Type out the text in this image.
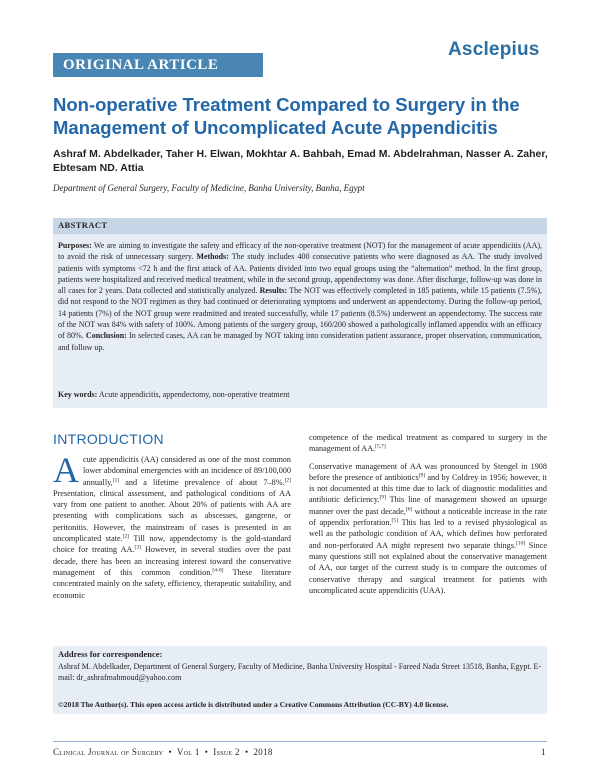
ORIGINAL ARTICLE
Asclepius
Non-operative Treatment Compared to Surgery in the Management of Uncomplicated Acute Appendicitis
Ashraf M. Abdelkader, Taher H. Elwan, Mokhtar A. Bahbah, Emad M. Abdelrahman, Nasser A. Zaher, Ebtesam ND. Attia
Department of General Surgery, Faculty of Medicine, Banha University, Banha, Egypt
ABSTRACT
Purposes: We are aiming to investigate the safety and efficacy of the non-operative treatment (NOT) for the management of acute appendicitis (AA), to avoid the risk of unnecessary surgery. Methods: The study includes 400 consecutive patients who were diagnosed as AA. The study involved patients with symptoms <72 h and the first attack of AA. Patients divided into two equal groups using the “alternation” method. In the first group, patients were hospitalized and received medical treatment, while in the second group, appendectomy was done. After discharge, follow-up was done in all cases for 2 years. Data collected and statistically analyzed. Results: The NOT was effectively completed in 185 patients, while 15 patients (7.5%), did not respond to the NOT regimen as they had continued or deteriorating symptoms and underwent an appendectomy. During the follow-up period, 14 patients (7%) of the NOT group were readmitted and treated successfully, while 17 patients (8.5%) underwent an appendectomy. The success rate of the NOT was 84% with safety of 100%. Among patients of the surgery group, 160/200 showed a pathologically inflamed appendix with an efficacy of 80%. Conclusion: In selected cases, AA can be managed by NOT taking into consideration patient assurance, proper observation, communication, and follow up.
Key words: Acute appendicitis, appendectomy, non-operative treatment
INTRODUCTION
A cute appendicitis (AA) considered as one of the most common lower abdominal emergencies with an incidence of 89/100,000 annually,[1] and a lifetime prevalence of about 7–8%.[2] Presentation, clinical assessment, and pathological conditions of AA vary from one patient to another. About 20% of patients with AA are presenting with complications such as abscesses, gangrene, or peritonitis. However, the mainstream of cases is presented in an uncomplicated state.[2] Till now, appendectomy is the gold-standard choice for treating AA.[3] However, in several studies over the past decade, there has been an increasing interest toward the conservative management of this common condition.[4-6] These literature concentrated mainly on the safety, efficiency, therapeutic suitability, and economic

competence of the medical treatment as compared to surgery in the management of AA.[5,7]

Conservative management of AA was pronounced by Stengel in 1908 before the presence of antibiotics[8] and by Coldrey in 1956; however, it is not documented at this time due to lack of diagnostic modalities and antibiotic deficiency.[9] This line of management showed an upsurge manner over the past decade,[6] without a noticeable increase in the rate of appendix perforation.[5] This has led to a revised physiological as well as the pathologic condition of AA, which defines how perforated and non-perforated AA might represent two separate things.[10] Since many questions still not explained about the conservative management of AA, our target of the current study is to compare the outcomes of conservative therapy and surgical treatment for patients with uncomplicated acute appendicitis (UAA).

Address for correspondence:
Ashraf M. Abdelkader, Department of General Surgery, Faculty of Medicine, Banha University Hospital - Fareed Nada Street 13518, Banha, Egypt. E-mail: dr_ashrafmahmoud@yahoo.com
©2018 The Author(s). This open access article is distributed under a Creative Commons Attribution (CC-BY) 4.0 license.
Clinical Journal of Surgery • Vol 1 • Issue 2 • 2018	1
